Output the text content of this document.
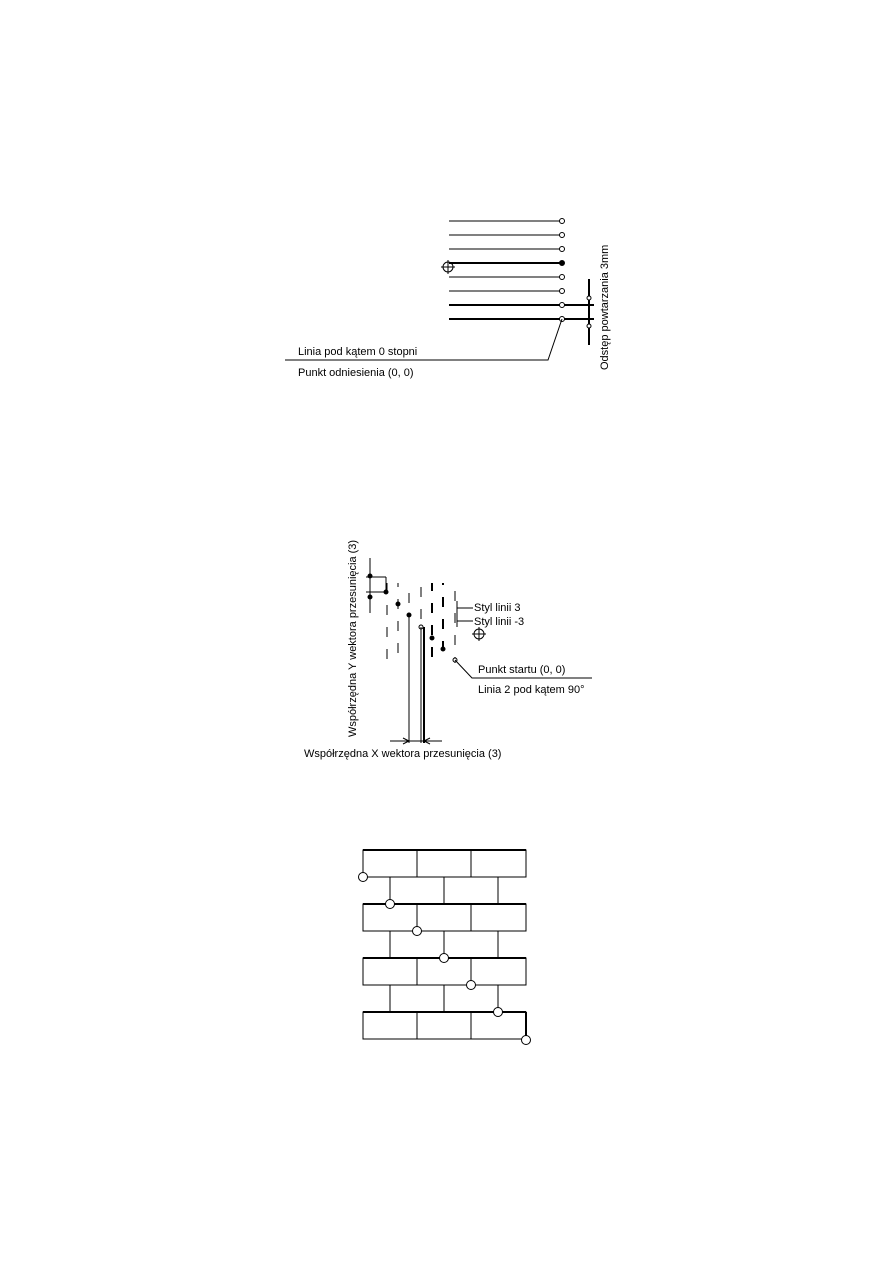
Linia pod kątem 0 stopni
Punkt odniesienia (0, 0)
Odstęp powtarzania 3mm
Styl linii 3
Styl linii -3
Punkt startu (0, 0)
Linia 2 pod kątem 90°
Współrzędna X wektora przesunięcia (3)
Współrzędna Y wektora przesunięcia (3)
